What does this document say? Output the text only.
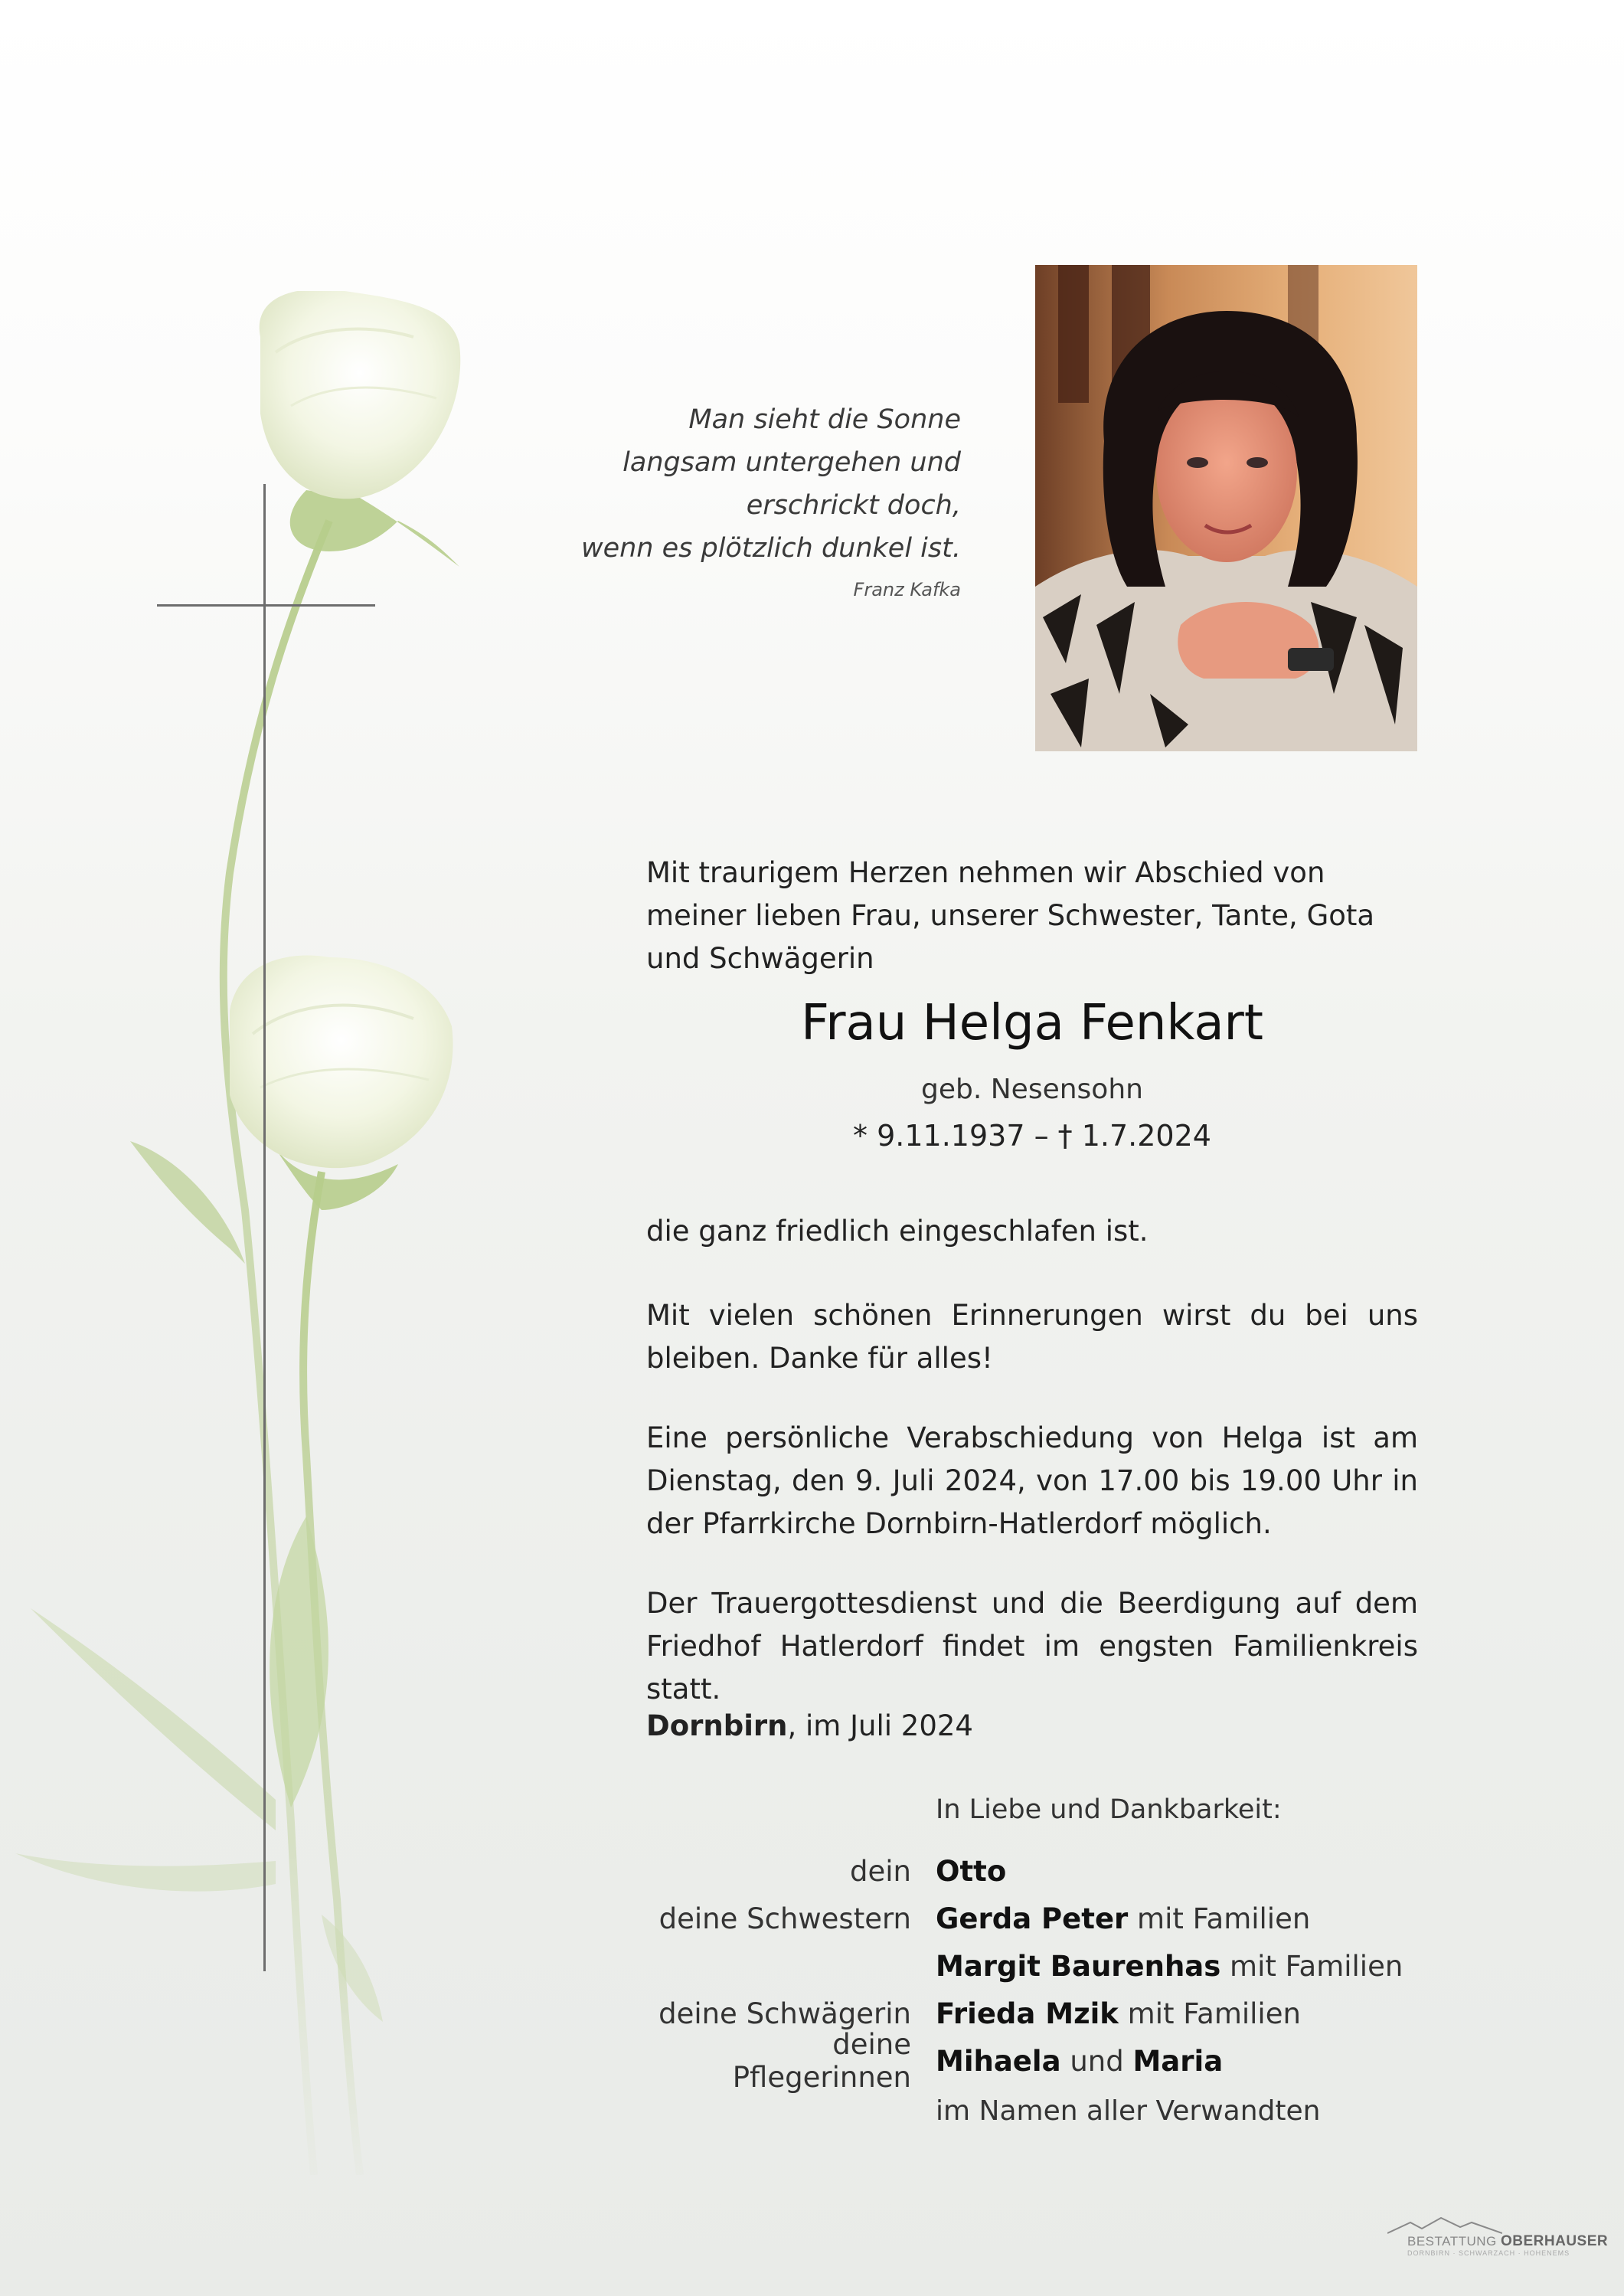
Man sieht die Sonne
langsam untergehen und
erschrickt doch,
wenn es plötzlich dunkel ist.
Franz Kafka
Mit traurigem Herzen nehmen wir Abschied von meiner lieben Frau, unserer Schwester, Tante, Gota und Schwägerin
Frau Helga Fenkart
geb. Nesensohn
* 9.11.1937 – † 1.7.2024
die ganz friedlich eingeschlafen ist.
Mit vielen schönen Erinnerungen wirst du bei uns bleiben. Danke für alles!
Eine persönliche Verabschiedung von Helga ist am Dienstag, den 9. Juli 2024, von 17.00 bis 19.00 Uhr in der Pfarrkirche Dornbirn-Hatlerdorf möglich.
Der Trauergottesdienst und die Beerdigung auf dem Friedhof Hatlerdorf findet im engsten Familienkreis statt.
Dornbirn, im Juli 2024
In Liebe und Dankbarkeit:
dein Otto
deine Schwestern Gerda Peter mit Familien
Margit Baurenhas mit Familien
deine Schwägerin Frieda Mzik mit Familien
deine Pflegerinnen Mihaela und Maria
im Namen aller Verwandten
BESTATTUNG OBERHAUSER
DORNBIRN · SCHWARZACH · HOHENEMS
